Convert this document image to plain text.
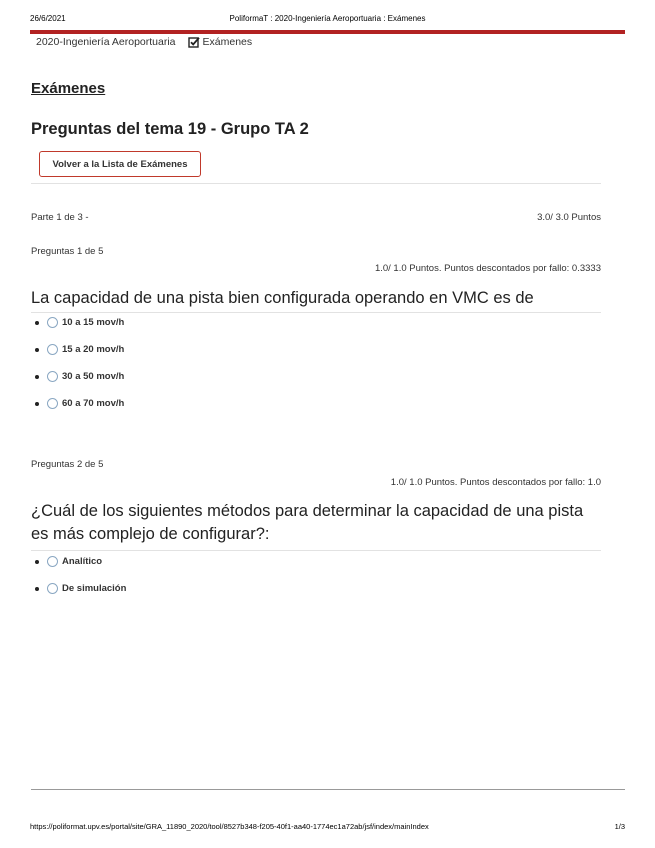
26/6/2021	PoliformaT : 2020-Ingeniería Aeroportuaria : Exámenes
2020-Ingeniería Aeroportuaria	Exámenes
Exámenes
Preguntas del tema 19 - Grupo TA 2
Volver a la Lista de Exámenes
Parte 1 de 3 -	3.0/ 3.0 Puntos
Preguntas 1 de 5
1.0/ 1.0 Puntos. Puntos descontados por fallo: 0.3333
La capacidad de una pista bien configurada operando en VMC es de
10 a 15 mov/h
15 a 20 mov/h
30 a 50 mov/h
60 a 70 mov/h
Preguntas 2 de 5
1.0/ 1.0 Puntos. Puntos descontados por fallo: 1.0
¿Cuál de los siguientes métodos para determinar la capacidad de una pista es más complejo de configurar?:
Analítico
De simulación
https://poliformat.upv.es/portal/site/GRA_11890_2020/tool/8527b348-f205-40f1-aa40-1774ec1a72ab/jsf/index/mainIndex	1/3
